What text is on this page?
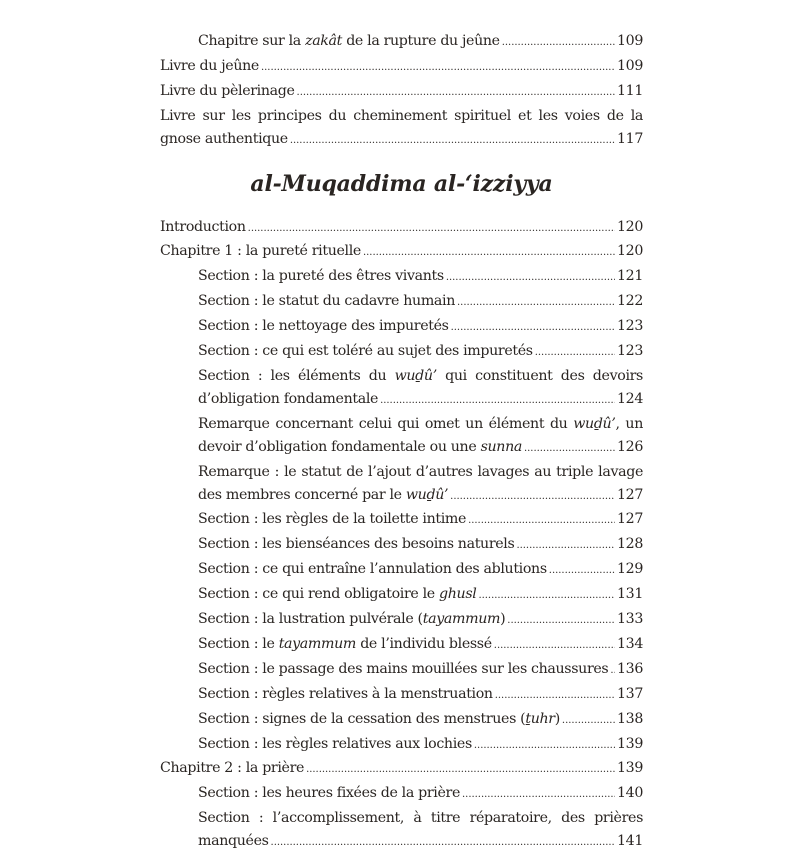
Chapitre sur la zakât de la rupture du jeûne . . .	109
Livre du jeûne . . .	109
Livre du pèlerinage . . .	111
Livre sur les principes du cheminement spirituel et les voies de la
gnose authentique . . .	117
al-Muqaddima al-‘izziyya
Introduction . . .	120
Chapitre 1 : la pureté rituelle . . .	120
Section : la pureté des êtres vivants . . .	121
Section : le statut du cadavre humain . . .	122
Section : le nettoyage des impuretés . . .	123
Section : ce qui est toléré au sujet des impuretés . . .	123
Section : les éléments du wuḏû’ qui constituent des devoirs
d’obligation fondamentale . . .	124
Remarque concernant celui qui omet un élément du wuḏû’, un
devoir d’obligation fondamentale ou une sunna . . .	126
Remarque : le statut de l’ajout d’autres lavages au triple lavage
des membres concerné par le wuḏû’ . . .	127
Section : les règles de la toilette intime . . .	127
Section : les bienséances des besoins naturels . . .	128
Section : ce qui entraîne l’annulation des ablutions . . .	129
Section : ce qui rend obligatoire le ghusl . . .	131
Section : la lustration pulvérale (tayammum) . . .	133
Section : le tayammum de l’individu blessé . . .	134
Section : le passage des mains mouillées sur les chaussures . . . 136
Section : règles relatives à la menstruation . . .	137
Section : signes de la cessation des menstrues (ṯuhr) . . .	138
Section : les règles relatives aux lochies . . .	139
Chapitre 2 : la prière . . .	139
Section : les heures fixées de la prière . . .	140
Section : l’accomplissement, à titre réparatoire, des prières
manquées . . .	141
